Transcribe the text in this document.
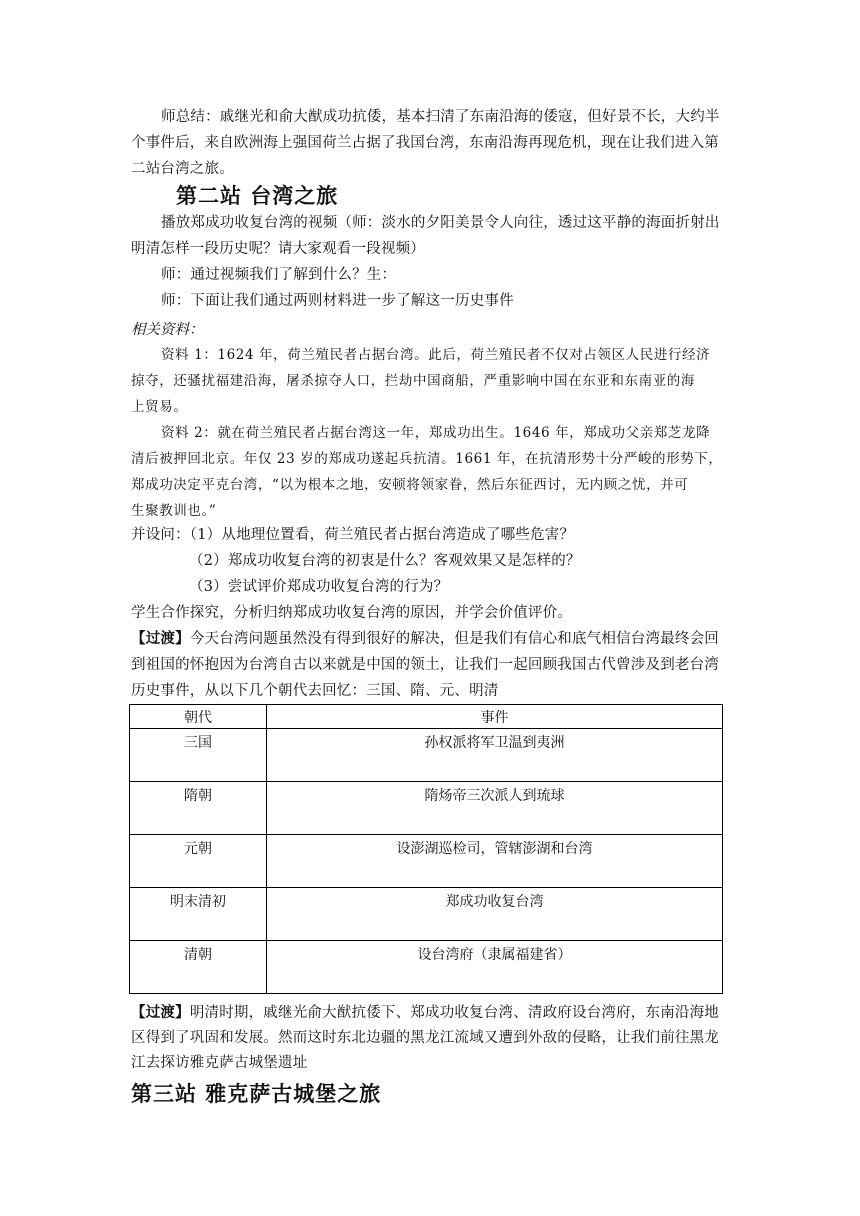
师总结：戚继光和俞大猷成功抗倭，基本扫清了东南沿海的倭寇，但好景不长，大约半
个事件后，来自欧洲海上强国荷兰占据了我国台湾，东南沿海再现危机，现在让我们进入第
二站台湾之旅。
第二站 台湾之旅
播放郑成功收复台湾的视频（师：淡水的夕阳美景令人向往，透过这平静的海面折射出
明清怎样一段历史呢？请大家观看一段视频）
师：通过视频我们了解到什么？生：
师：下面让我们通过两则材料进一步了解这一历史事件
相关资料：
资料 1：1624 年，荷兰殖民者占据台湾。此后，荷兰殖民者不仅对占领区人民进行经济
掠夺，还骚扰福建沿海，屠杀掠夺人口，拦劫中国商船，严重影响中国在东亚和东南亚的海
上贸易。
资料 2：就在荷兰殖民者占据台湾这一年，郑成功出生。1646 年，郑成功父亲郑芝龙降
清后被押回北京。年仅 23 岁的郑成功遂起兵抗清。1661 年，在抗清形势十分严峻的形势下，
郑成功决定平克台湾，“以为根本之地，安顿将领家眷，然后东征西讨，无内顾之忧，并可
生聚教训也。”
并设问：（1）从地理位置看，荷兰殖民者占据台湾造成了哪些危害？
（2）郑成功收复台湾的初衷是什么？客观效果又是怎样的？
（3）尝试评价郑成功收复台湾的行为？
学生合作探究，分析归纳郑成功收复台湾的原因，并学会价值评价。
【过渡】今天台湾问题虽然没有得到很好的解决，但是我们有信心和底气相信台湾最终会回
到祖国的怀抱因为台湾自古以来就是中国的领土，让我们一起回顾我国古代曾涉及到老台湾
历史事件，从以下几个朝代去回忆：三国、隋、元、明清
朝代	事件
三国	孙权派将军卫温到夷洲
隋朝	隋炀帝三次派人到琉球
元朝	设澎湖巡检司，管辖澎湖和台湾
明末清初	郑成功收复台湾
清朝	设台湾府（隶属福建省）
【过渡】明清时期，戚继光俞大猷抗倭下、郑成功收复台湾、清政府设台湾府，东南沿海地
区得到了巩固和发展。然而这时东北边疆的黑龙江流域又遭到外敌的侵略，让我们前往黑龙
江去探访雅克萨古城堡遗址
第三站 雅克萨古城堡之旅
